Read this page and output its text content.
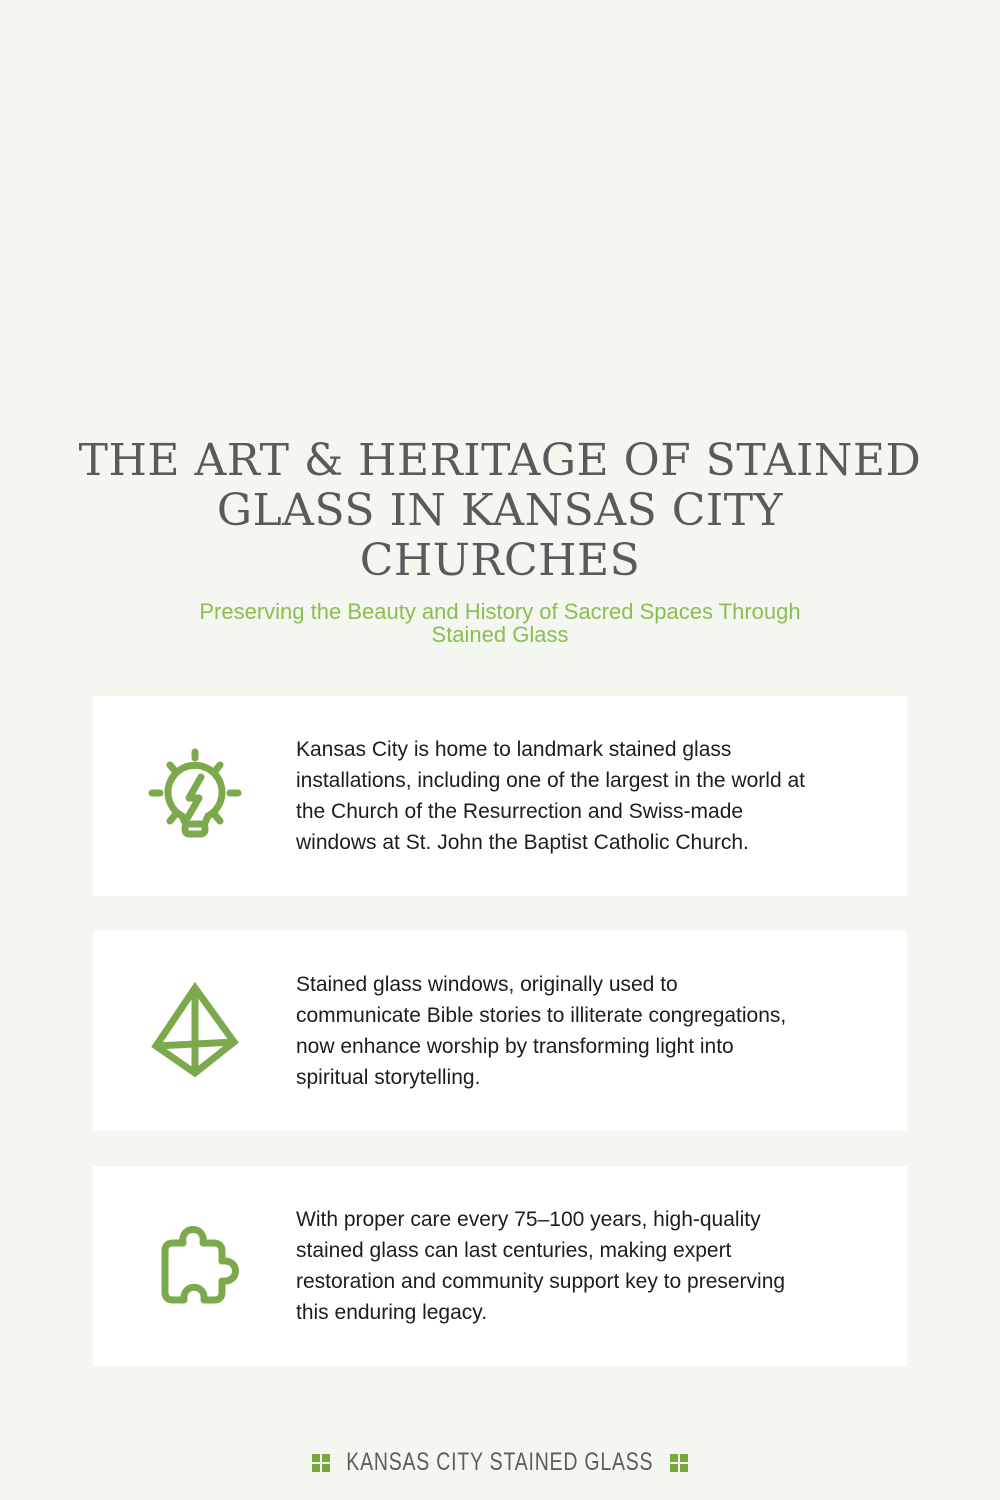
THE ART & HERITAGE OF STAINED GLASS IN KANSAS CITY CHURCHES

Preserving the Beauty and History of Sacred Spaces Through Stained Glass

Kansas City is home to landmark stained glass installations, including one of the largest in the world at the Church of the Resurrection and Swiss-made windows at St. John the Baptist Catholic Church.

Stained glass windows, originally used to communicate Bible stories to illiterate congregations, now enhance worship by transforming light into spiritual storytelling.

With proper care every 75–100 years, high-quality stained glass can last centuries, making expert restoration and community support key to preserving this enduring legacy.

KANSAS CITY STAINED GLASS
